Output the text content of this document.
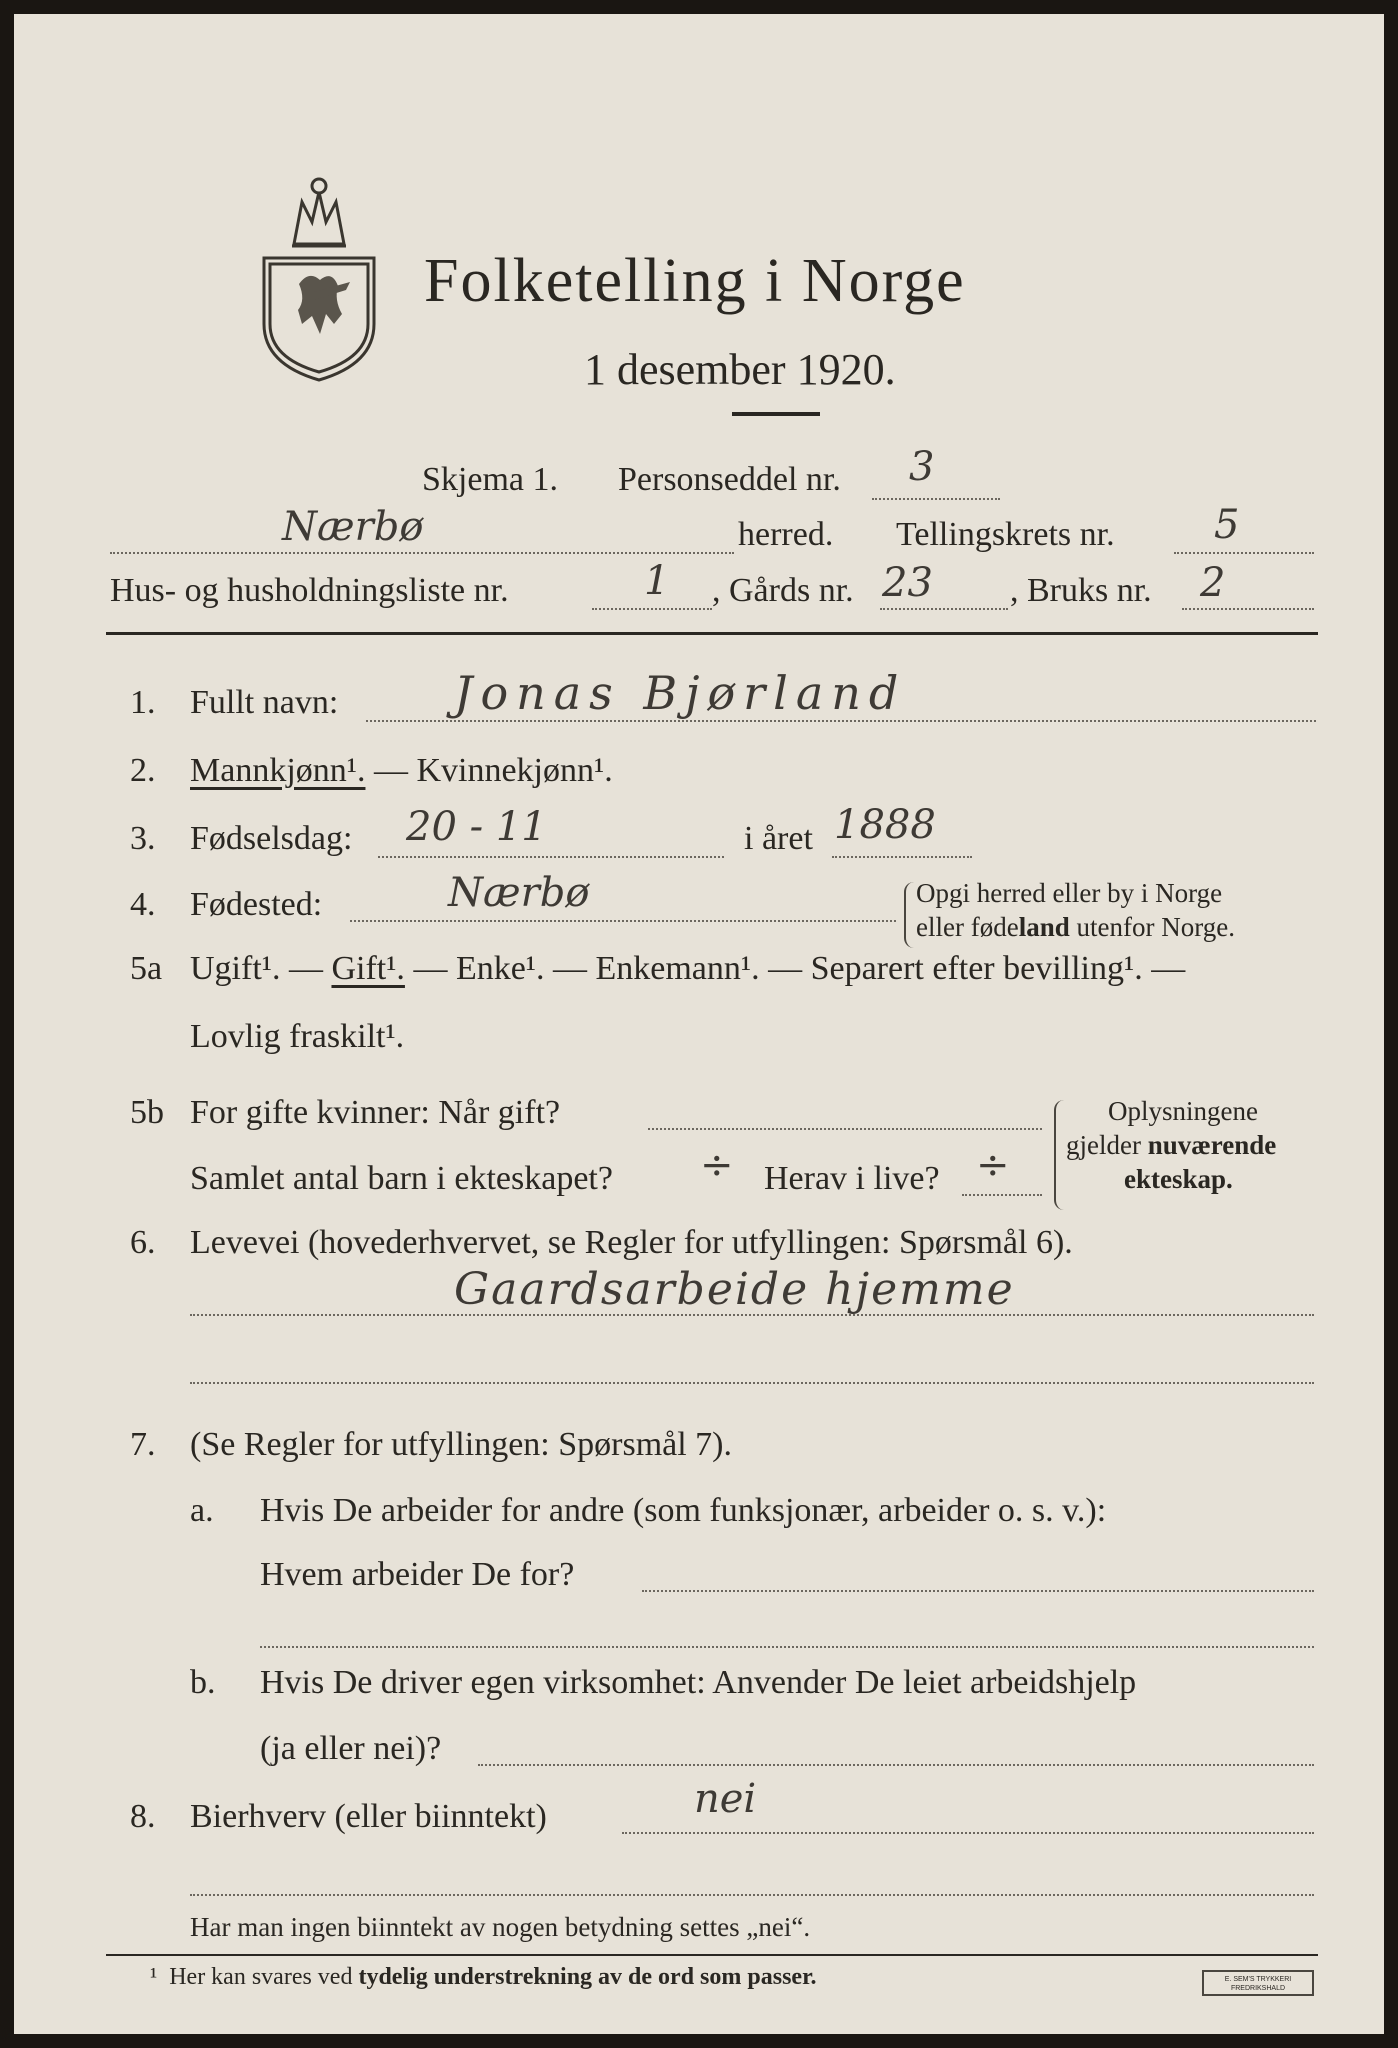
Folketelling i Norge
1 desember 1920.
Skjema 1. Personseddel nr. 3
Nærbø	herred. Tellingskrets nr. 5
Hus- og husholdningsliste nr.	1 , Gårds nr. 23 , Bruks nr. 2
1. Fullt navn:	Jonas Bjørland
2. Mannkjønn¹. — Kvinnekjønn¹.
3. Fødselsdag: 20 - 11	i året 1888
4. Fødested:	Nærbø	Opgi herred eller by i Norge
eller fødeland utenfor Norge.
5a Ugift¹. — Gift¹. — Enke¹. — Enkemann¹. — Separert efter bevilling¹. —
Lovlig fraskilt¹.
5b For gifte kvinner: Når gift?
Samlet antal barn i ekteskapet? ÷ Herav i live? ÷
Oplysningene
gjelder nuværende
ekteskap.
6. Levevei (hovederhvervet, se Regler for utfyllingen: Spørsmål 6).
Gaardsarbeide hjemme
7. (Se Regler for utfyllingen: Spørsmål 7).
a. Hvis De arbeider for andre (som funksjonær, arbeider o. s. v.):
Hvem arbeider De for?
b. Hvis De driver egen virksomhet: Anvender De leiet arbeidshjelp
(ja eller nei)?
8. Bierhverv (eller biinntekt)	nei
Har man ingen biinntekt av nogen betydning settes „nei“.
¹ Her kan svares ved tydelig understrekning av de ord som passer.	E. SEM'S TRYKKERI
FREDRIKSHALD
